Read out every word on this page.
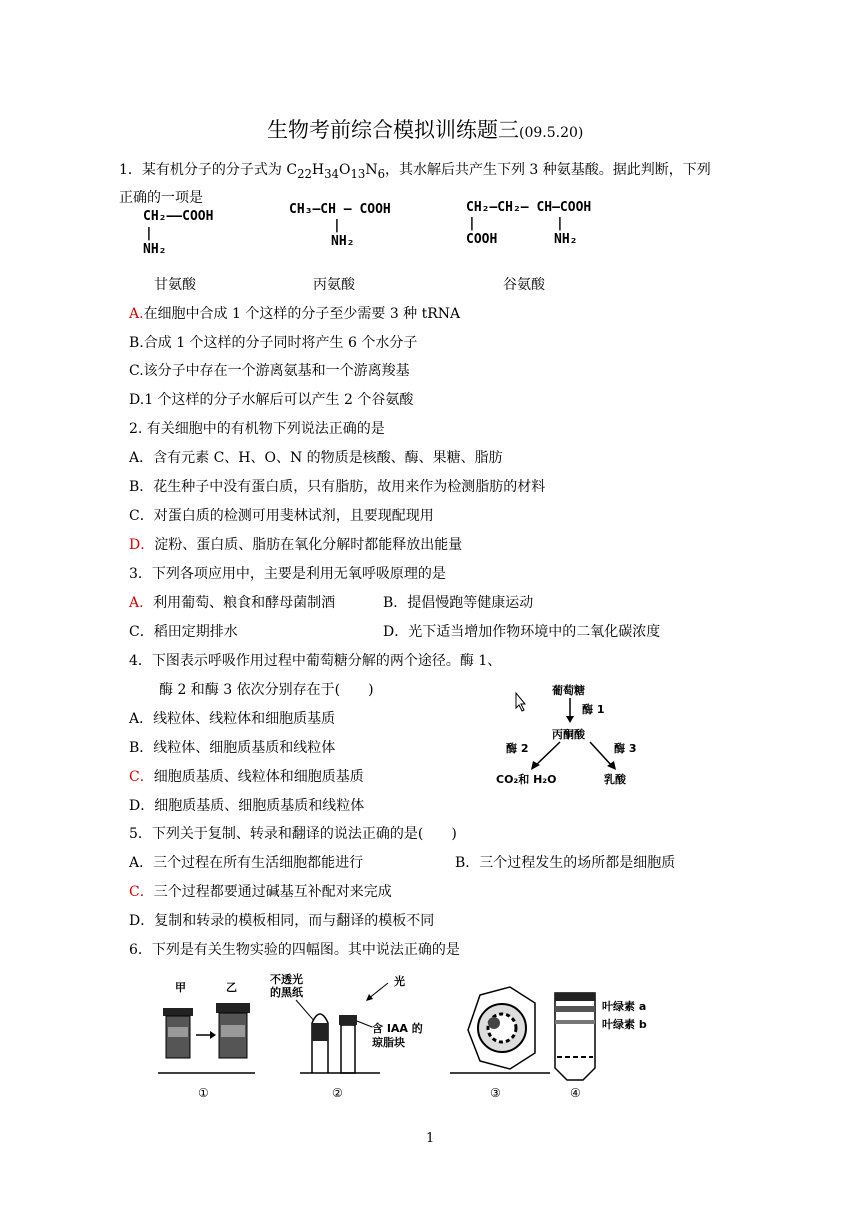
生物考前综合模拟训练题三(09.5.20)
1．某有机分子的分子式为 $C_{22}H_{34}O_{13}N_6$，其水解后共产生下列 3 种氨基酸。据此判断，下列
正确的一项是
CH₂——COOH
|
NH₂
CH₃—CH — COOH
|
NH₂
CH₂—CH₂— CH—COOH
|	|
COOH	NH₂
甘氨酸	丙氨酸	谷氨酸
A.在细胞中合成 1 个这样的分子至少需要 3 种 tRNA
B.合成 1 个这样的分子同时将产生 6 个水分子
C.该分子中存在一个游离氨基和一个游离羧基
D.1 个这样的分子水解后可以产生 2 个谷氨酸
2. 有关细胞中的有机物下列说法正确的是
A．含有元素 C、H、O、N 的物质是核酸、酶、果糖、脂肪
B．花生种子中没有蛋白质，只有脂肪，故用来作为检测脂肪的材料
C．对蛋白质的检测可用斐林试剂，且要现配现用
D．淀粉、蛋白质、脂肪在氧化分解时都能释放出能量
3．下列各项应用中，主要是利用无氧呼吸原理的是
A．利用葡萄、粮食和酵母菌制酒	B．提倡慢跑等健康运动
C．稻田定期排水	D．光下适当增加作物环境中的二氧化碳浓度
4．下图表示呼吸作用过程中葡萄糖分解的两个途径。酶 1、
酶 2 和酶 3 依次分别存在于(　　)
A．线粒体、线粒体和细胞质基质
B．线粒体、细胞质基质和线粒体
C．细胞质基质、线粒体和细胞质基质
D．细胞质基质、细胞质基质和线粒体
葡萄糖
酶 1
丙酮酸
酶 2	酶 3
CO₂和 H₂O	乳酸
5．下列关于复制、转录和翻译的说法正确的是(　　)
A．三个过程在所有生活细胞都能进行	B．三个过程发生的场所都是细胞质
C．三个过程都要通过碱基互补配对来完成
D．复制和转录的模板相同，而与翻译的模板不同
6．下列是有关生物实验的四幅图。其中说法正确的是
甲	乙
①
不透光
的黑纸
光
含 IAA 的
琼脂块
②	③
叶绿素 a
叶绿素 b
④
1
